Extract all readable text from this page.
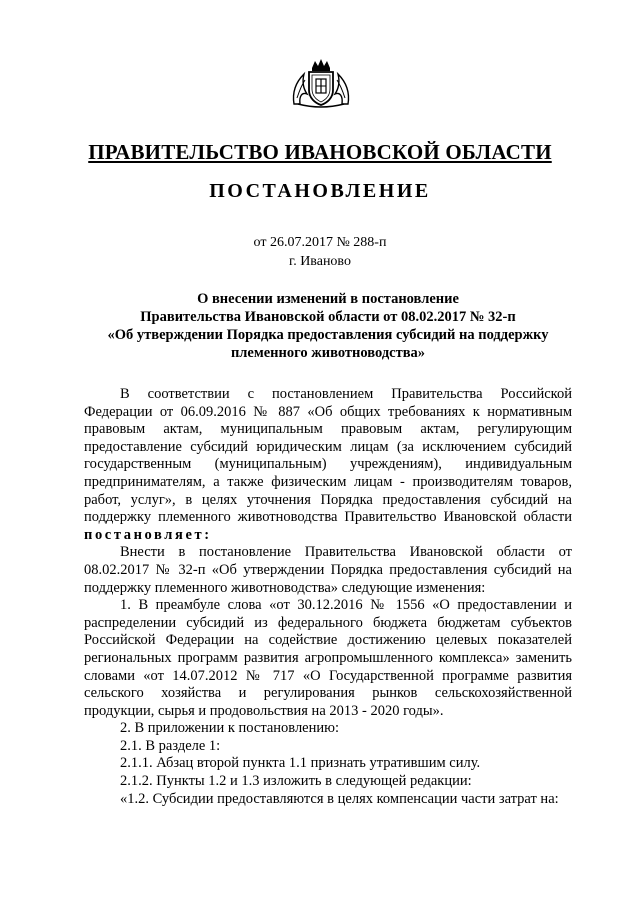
ПРАВИТЕЛЬСТВО ИВАНОВСКОЙ ОБЛАСТИ
ПОСТАНОВЛЕНИЕ
от 26.07.2017 № 288-п
г. Иваново
О внесении изменений в постановление
Правительства Ивановской области от 08.02.2017 № 32-п
«Об утверждении Порядка предоставления субсидий на поддержку
племенного животноводства»

В соответствии с постановлением Правительства Российской Федерации от 06.09.2016 № 887 «Об общих требованиях к нормативным правовым актам, муниципальным правовым актам, регулирующим предоставление субсидий юридическим лицам (за исключением субсидий государственным (муниципальным) учреждениям), индивидуальным предпринимателям, а также физическим лицам - производителям товаров, работ, услуг», в целях уточнения Порядка предоставления субсидий на поддержку племенного животноводства Правительство Ивановской области постановляет:

Внести в постановление Правительства Ивановской области от 08.02.2017 № 32-п «Об утверждении Порядка предоставления субсидий на поддержку племенного животноводства» следующие изменения:

1. В преамбуле слова «от 30.12.2016 № 1556 «О предоставлении и распределении субсидий из федерального бюджета бюджетам субъектов Российской Федерации на содействие достижению целевых показателей региональных программ развития агропромышленного комплекса» заменить словами «от 14.07.2012 № 717 «О Государственной программе развития сельского хозяйства и регулирования рынков сельскохозяйственной продукции, сырья и продовольствия на 2013 - 2020 годы».

2. В приложении к постановлению:

2.1. В разделе 1:

2.1.1. Абзац второй пункта 1.1 признать утратившим силу.

2.1.2. Пункты 1.2 и 1.3 изложить в следующей редакции:

«1.2. Субсидии предоставляются в целях компенсации части затрат на:
